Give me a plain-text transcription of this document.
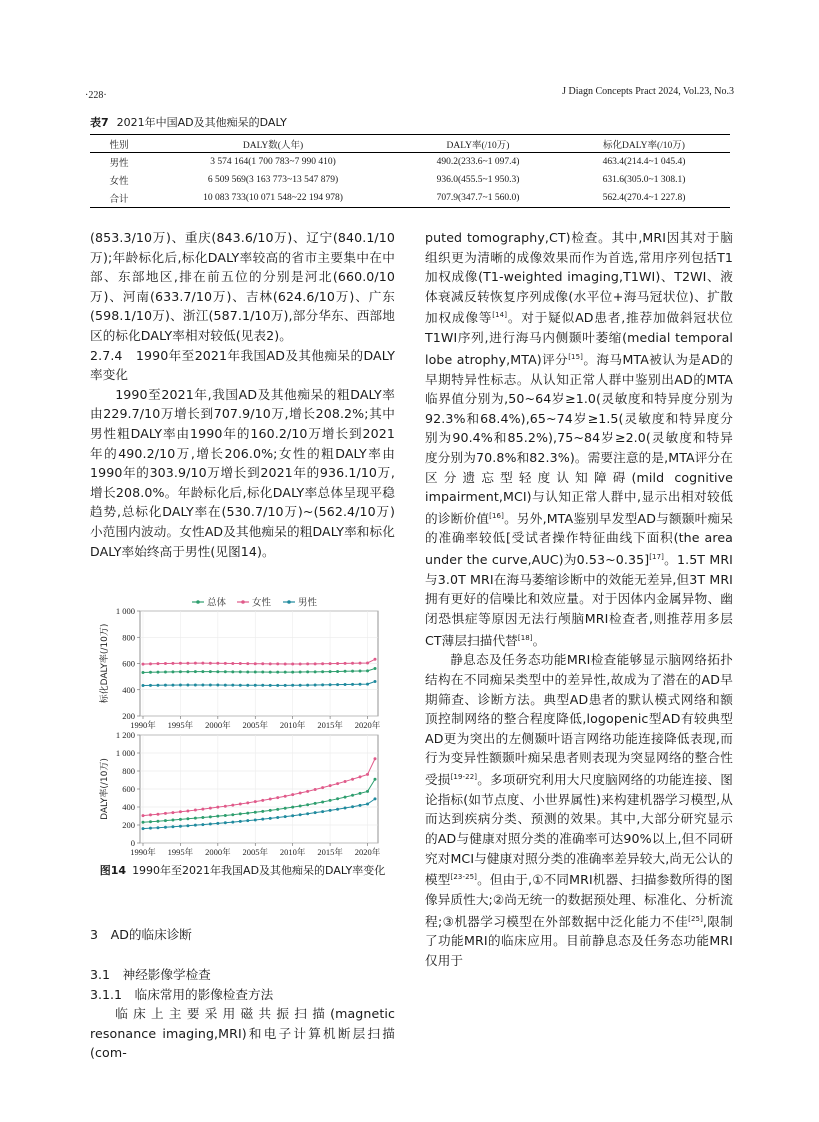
·228·	J Diagn Concepts Pract 2024, Vol.23, No.3
表7 2021年中国AD及其他痴呆的DALY
性别	DALY数(人年)	DALY率(/10万)	标化DALY率(/10万)
男性	3 574 164(1 700 783~7 990 410)	490.2(233.6~1 097.4)	463.4(214.4~1 045.4)
女性	6 509 569(3 163 773~13 547 879)	936.0(455.5~1 950.3)	631.6(305.0~1 308.1)
合计	10 083 733(10 071 548~22 194 978)	707.9(347.7~1 560.0)	562.4(270.4~1 227.8)

(853.3/10万)、重庆(843.6/10万)、辽宁(840.1/10万);年龄标化后,标化DALY率较高的省市主要集中在中部、东部地区,排在前五位的分别是河北(660.0/10万)、河南(633.7/10万)、吉林(624.6/10万)、广东(598.1/10万)、浙江(587.1/10万),部分华东、西部地区的标化DALY率相对较低(见表2)。

2.7.4　1990年至2021年我国AD及其他痴呆的DALY率变化

1990至2021年,我国AD及其他痴呆的粗DALY率由229.7/10万增长到707.9/10万,增长208.2%;其中男性粗DALY率由1990年的160.2/10万增长到2021年的490.2/10万,增长206.0%;女性的粗DALY率由1990年的303.9/10万增长到2021年的936.1/10万,增长208.0%。年龄标化后,标化DALY率总体呈现平稳趋势,总标化DALY率在(530.7/10万)~(562.4/10万)小范围内波动。女性AD及其他痴呆的粗DALY率和标化DALY率始终高于男性(见图14)。

总体	女性	男性
200
400
600
800
1 000
1990年 1995年 2000年 2005年 2010年 2015年 2020年
标化DALY率(/10万)
0
200
400
600
800
1 000
1 200
1990年 1995年 2000年 2005年 2010年 2015年 2020年
DALY率(/10万)
图14 1990年至2021年我国AD及其他痴呆的DALY率变化
3　AD的临床诊断
3.1　神经影像学检查
3.1.1　临床常用的影像检查方法

临床上主要采用磁共振扫描(magnetic resonance imaging,MRI)和电子计算机断层扫描(com-

puted tomography,CT)检查。其中,MRI因其对于脑组织更为清晰的成像效果而作为首选,常用序列包括T1加权成像(T1-weighted imaging,T1WI)、T2WI、液体衰减反转恢复序列成像(水平位+海马冠状位)、扩散加权成像等[14]。对于疑似AD患者,推荐加做斜冠状位T1WI序列,进行海马内侧颞叶萎缩(medial temporal lobe atrophy,MTA)评分[15]。海马MTA被认为是AD的早期特异性标志。从认知正常人群中鉴别出AD的MTA临界值分别为,50~64岁≥1.0(灵敏度和特异度分别为92.3%和68.4%),65~74岁≥1.5(灵敏度和特异度分别为90.4%和85.2%),75~84岁≥2.0(灵敏度和特异度分别为70.8%和82.3%)。需要注意的是,MTA评分在区分遗忘型轻度认知障碍(mild cognitive impairment,MCI)与认知正常人群中,显示出相对较低的诊断价值[16]。另外,MTA鉴别早发型AD与额颞叶痴呆的准确率较低[受试者操作特征曲线下面积(the area under the curve,AUC)为0.53~0.35][17]。1.5T MRI与3.0T MRI在海马萎缩诊断中的效能无差异,但3T MRI拥有更好的信噪比和效应量。对于因体内金属异物、幽闭恐惧症等原因无法行颅脑MRI检查者,则推荐用多层CT薄层扫描代替[18]。

静息态及任务态功能MRI检查能够显示脑网络拓扑结构在不同痴呆类型中的差异性,故成为了潜在的AD早期筛查、诊断方法。典型AD患者的默认模式网络和额顶控制网络的整合程度降低,logopenic型AD有较典型AD更为突出的左侧颞叶语言网络功能连接降低表现,而行为变异性额颞叶痴呆患者则表现为突显网络的整合性受损[19-22]。多项研究利用大尺度脑网络的功能连接、图论指标(如节点度、小世界属性)来构建机器学习模型,从而达到疾病分类、预测的效果。其中,大部分研究显示的AD与健康对照分类的准确率可达90%以上,但不同研究对MCI与健康对照分类的准确率差异较大,尚无公认的模型[23-25]。但由于,①不同MRI机器、扫描参数所得的图像异质性大;②尚无统一的数据预处理、标准化、分析流程;③机器学习模型在外部数据中泛化能力不佳[25],限制了功能MRI的临床应用。目前静息态及任务态功能MRI仅用于
